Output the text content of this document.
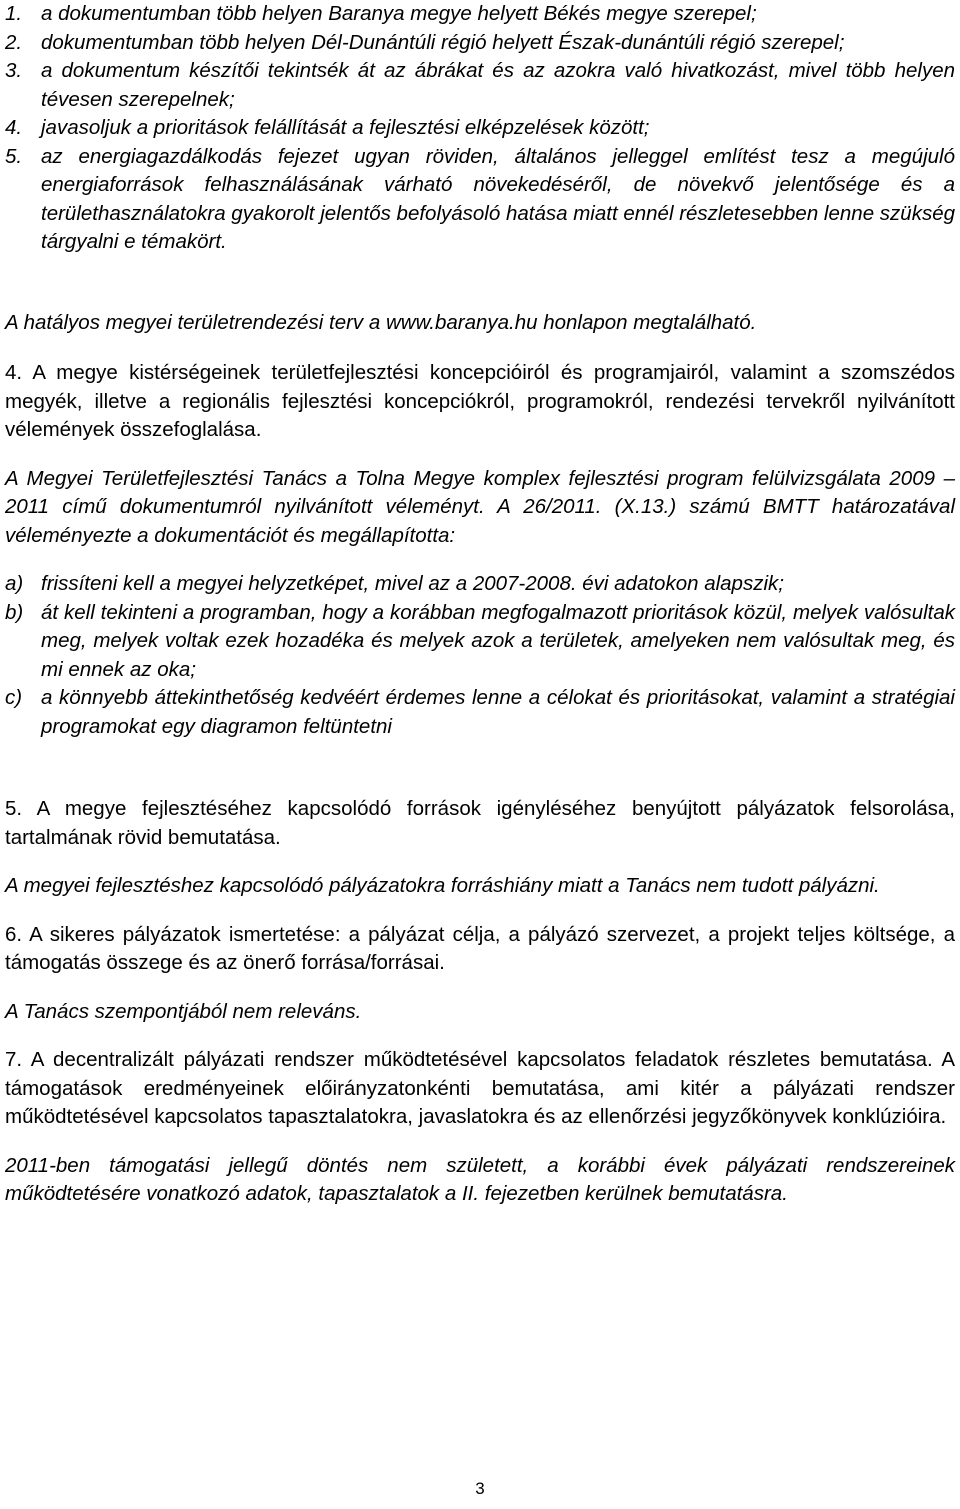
1. a dokumentumban több helyen Baranya megye helyett Békés megye szerepel;
2. dokumentumban több helyen Dél-Dunántúli régió helyett Észak-dunántúli régió szerepel;
3. a dokumentum készítői tekintsék át az ábrákat és az azokra való hivatkozást, mivel több helyen tévesen szerepelnek;
4. javasoljuk a prioritások felállítását a fejlesztési elképzelések között;
5. az energiagazdálkodás fejezet ugyan röviden, általános jelleggel említést tesz a megújuló energiaforrások felhasználásának várható növekedéséről, de növekvő jelentősége és a területhasználatokra gyakorolt jelentős befolyásoló hatása miatt ennél részletesebben lenne szükség tárgyalni e témakört.

A hatályos megyei területrendezési terv a www.baranya.hu honlapon megtalálható.

4. A megye kistérségeinek területfejlesztési koncepcióiról és programjairól, valamint a szomszédos megyék, illetve a regionális fejlesztési koncepciókról, programokról, rendezési tervekről nyilvánított vélemények összefoglalása.

A Megyei Területfejlesztési Tanács a Tolna Megye komplex fejlesztési program felülvizsgálata 2009 – 2011 című dokumentumról nyilvánított véleményt. A 26/2011. (X.13.) számú BMTT határozatával véleményezte a dokumentációt és megállapította:

a) frissíteni kell a megyei helyzetképet, mivel az a 2007-2008. évi adatokon alapszik;
b) át kell tekinteni a programban, hogy a korábban megfogalmazott prioritások közül, melyek valósultak meg, melyek voltak ezek hozadéka és melyek azok a területek, amelyeken nem valósultak meg, és mi ennek az oka;
c) a könnyebb áttekinthetőség kedvéért érdemes lenne a célokat és prioritásokat, valamint a stratégiai programokat egy diagramon feltüntetni

5. A megye fejlesztéséhez kapcsolódó források igényléséhez benyújtott pályázatok felsorolása, tartalmának rövid bemutatása.

A megyei fejlesztéshez kapcsolódó pályázatokra forráshiány miatt a Tanács nem tudott pályázni.

6. A sikeres pályázatok ismertetése: a pályázat célja, a pályázó szervezet, a projekt teljes költsége, a támogatás összege és az önerő forrása/forrásai.

A Tanács szempontjából nem releváns.

7. A decentralizált pályázati rendszer működtetésével kapcsolatos feladatok részletes bemutatása. A támogatások eredményeinek előirányzatonkénti bemutatása, ami kitér a pályázati rendszer működtetésével kapcsolatos tapasztalatokra, javaslatokra és az ellenőrzési jegyzőkönyvek konklúzióira.

2011-ben támogatási jellegű döntés nem született, a korábbi évek pályázati rendszereinek működtetésére vonatkozó adatok, tapasztalatok a II. fejezetben kerülnek bemutatásra.

3
